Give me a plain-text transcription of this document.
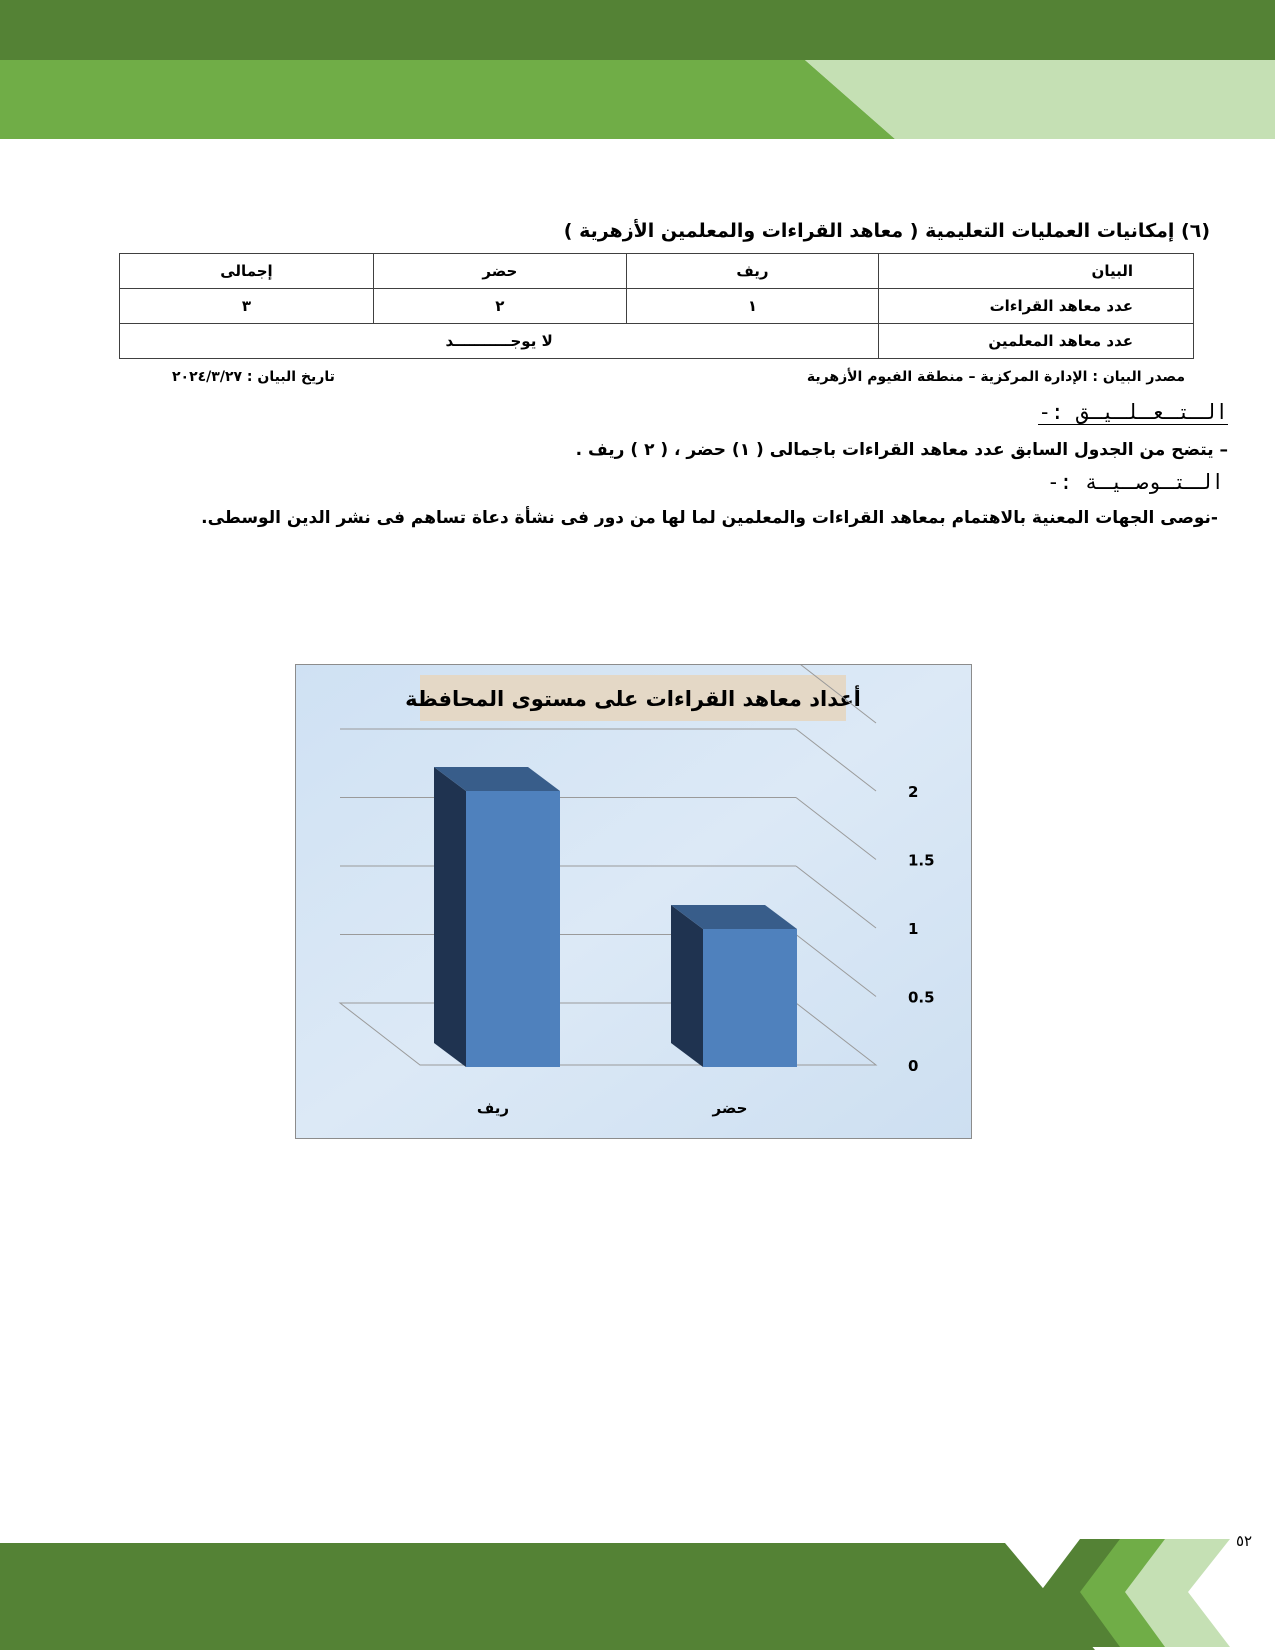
(٦) إمكانيات العمليات التعليمية ( معاهد القراءات والمعلمين الأزهرية )
البيان	ريف	حضر	إجمالى
عدد معاهد القراءات	١	٢	٣
عدد معاهد المعلمين	لا يوجـــــــــــد		
مصدر البيان : الإدارة المركزية – منطقة الفيوم الأزهرية
تاريخ البيان : ٢٠٢٤/٣/٢٧
الـتـعـلـيـق :-
– يتضح من الجدول السابق عدد معاهد القراءات باجمالى ( ١) حضر ، ( ٢ ) ريف .
الـتـوصـيـة :-
-نوصى الجهات المعنية بالاهتمام بمعاهد القراءات والمعلمين لما لها من دور فى نشأة دعاة تساهم فى نشر الدين الوسطى.
أعداد معاهد القراءات على مستوى المحافظة
0
0.5
1
1.5
2
ريف	حضر
٥٢
